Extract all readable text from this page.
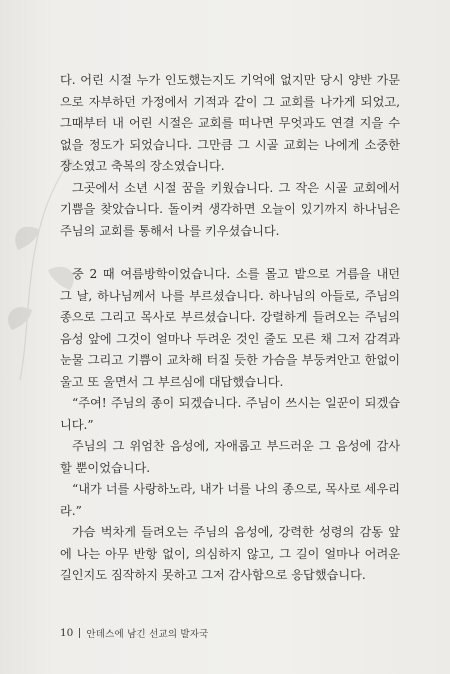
다. 어린 시절 누가 인도했는지도 기억에 없지만 당시 양반 가문으로 자부하던 가정에서 기적과 같이 그 교회를 나가게 되었고, 그때부터 내 어린 시절은 교회를 떠나면 무엇과도 연결 지을 수 없을 정도가 되었습니다. 그만큼 그 시골 교회는 나에게 소중한 장소였고 축복의 장소였습니다.

그곳에서 소년 시절 꿈을 키웠습니다. 그 작은 시골 교회에서 기쁨을 찾았습니다. 돌이켜 생각하면 오늘이 있기까지 하나님은 주님의 교회를 통해서 나를 키우셨습니다.

중 2 때 여름방학이었습니다. 소를 몰고 밭으로 거름을 내던 그 날, 하나님께서 나를 부르셨습니다. 하나님의 아들로, 주님의 종으로 그리고 목사로 부르셨습니다. 강렬하게 들려오는 주님의 음성 앞에 그것이 얼마나 두려운 것인 줄도 모른 채 그저 감격과 눈물 그리고 기쁨이 교차해 터질 듯한 가슴을 부둥켜안고 한없이 울고 또 울면서 그 부르심에 대답했습니다.

“주여! 주님의 종이 되겠습니다. 주님이 쓰시는 일꾼이 되겠습니다.”

주님의 그 위엄찬 음성에, 자애롭고 부드러운 그 음성에 감사할 뿐이었습니다.

“내가 너를 사랑하노라, 내가 너를 나의 종으로, 목사로 세우리라.”

가슴 벅차게 들려오는 주님의 음성에, 강력한 성령의 감동 앞에 나는 아무 반항 없이, 의심하지 않고, 그 길이 얼마나 어려운 길인지도 짐작하지 못하고 그저 감사함으로 응답했습니다.

10 안데스에 남긴 선교의 발자국
